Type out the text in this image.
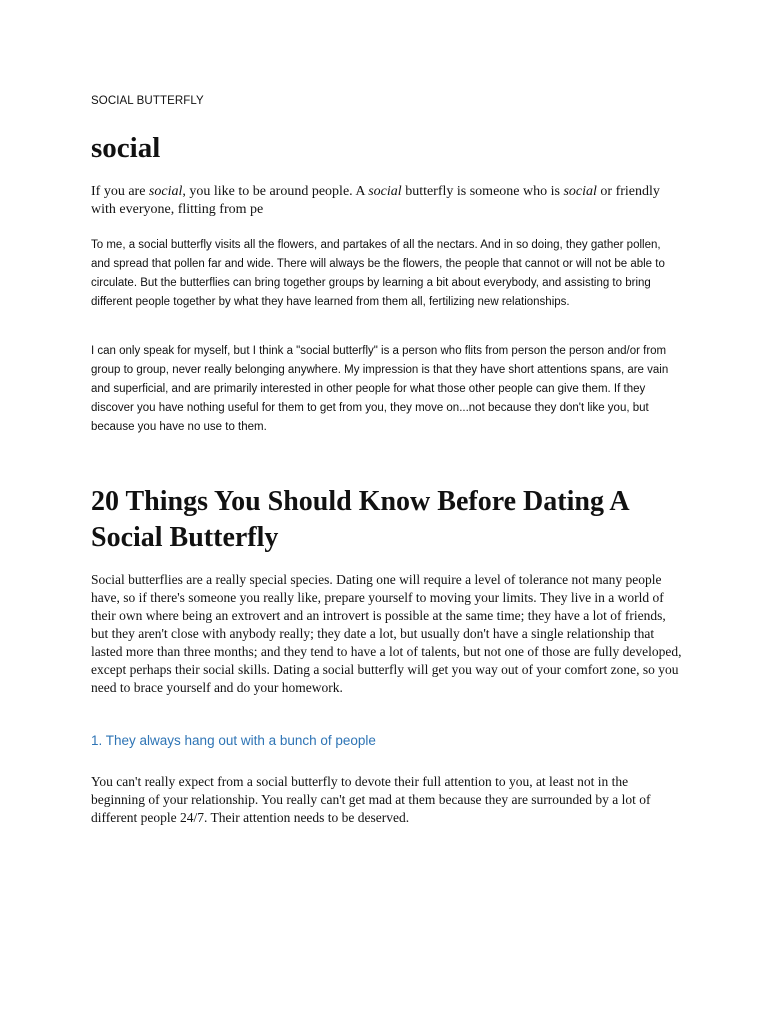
SOCIAL BUTTERFLY
social
If you are social, you like to be around people. A social butterfly is someone who is social or friendly with everyone, flitting from pe

To me, a social butterfly visits all the flowers, and partakes of all the nectars. And in so doing, they gather pollen, and spread that pollen far and wide. There will always be the flowers, the people that cannot or will not be able to circulate. But the butterflies can bring together groups by learning a bit about everybody, and assisting to bring different people together by what they have learned from them all, fertilizing new relationships.

I can only speak for myself, but I think a "social butterfly" is a person who flits from person the person and/or from group to group, never really belonging anywhere. My impression is that they have short attentions spans, are vain and superficial, and are primarily interested in other people for what those other people can give them. If they discover you have nothing useful for them to get from you, they move on...not because they don't like you, but because you have no use to them.

20 Things You Should Know Before Dating A Social Butterfly

Social butterflies are a really special species. Dating one will require a level of tolerance not many people have, so if there's someone you really like, prepare yourself to moving your limits. They live in a world of their own where being an extrovert and an introvert is possible at the same time; they have a lot of friends, but they aren't close with anybody really; they date a lot, but usually don't have a single relationship that lasted more than three months; and they tend to have a lot of talents, but not one of those are fully developed, except perhaps their social skills. Dating a social butterfly will get you way out of your comfort zone, so you need to brace yourself and do your homework.

1. They always hang out with a bunch of people

You can't really expect from a social butterfly to devote their full attention to you, at least not in the beginning of your relationship. You really can't get mad at them because they are surrounded by a lot of different people 24/7. Their attention needs to be deserved.
